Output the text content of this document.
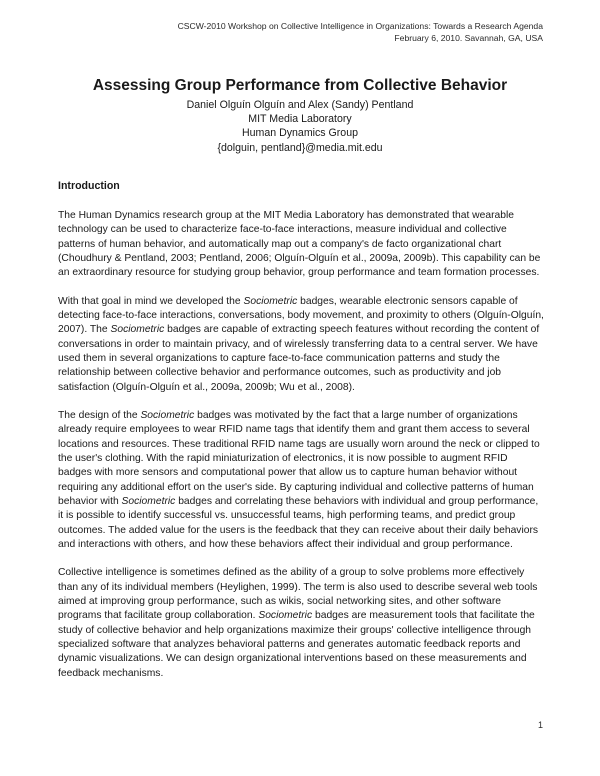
CSCW-2010 Workshop on Collective Intelligence in Organizations: Towards a Research Agenda
February 6, 2010. Savannah, GA, USA
Assessing Group Performance from Collective Behavior
Daniel Olguín Olguín and Alex (Sandy) Pentland
MIT Media Laboratory
Human Dynamics Group
{dolguin, pentland}@media.mit.edu
Introduction
The Human Dynamics research group at the MIT Media Laboratory has demonstrated that wearable technology can be used to characterize face-to-face interactions, measure individual and collective patterns of human behavior, and automatically map out a company's de facto organizational chart (Choudhury & Pentland, 2003; Pentland, 2006; Olguín-Olguín et al., 2009a, 2009b). This capability can be an extraordinary resource for studying group behavior, group performance and team formation processes.
With that goal in mind we developed the Sociometric badges, wearable electronic sensors capable of detecting face-to-face interactions, conversations, body movement, and proximity to others (Olguín-Olguín, 2007). The Sociometric badges are capable of extracting speech features without recording the content of conversations in order to maintain privacy, and of wirelessly transferring data to a central server. We have used them in several organizations to capture face-to-face communication patterns and study the relationship between collective behavior and performance outcomes, such as productivity and job satisfaction (Olguín-Olguín et al., 2009a, 2009b; Wu et al., 2008).
The design of the Sociometric badges was motivated by the fact that a large number of organizations already require employees to wear RFID name tags that identify them and grant them access to several locations and resources. These traditional RFID name tags are usually worn around the neck or clipped to the user's clothing. With the rapid miniaturization of electronics, it is now possible to augment RFID badges with more sensors and computational power that allow us to capture human behavior without requiring any additional effort on the user's side. By capturing individual and collective patterns of human behavior with Sociometric badges and correlating these behaviors with individual and group performance, it is possible to identify successful vs. unsuccessful teams, high performing teams, and predict group outcomes. The added value for the users is the feedback that they can receive about their daily behaviors and interactions with others, and how these behaviors affect their individual and group performance.
Collective intelligence is sometimes defined as the ability of a group to solve problems more effectively than any of its individual members (Heylighen, 1999). The term is also used to describe several web tools aimed at improving group performance, such as wikis, social networking sites, and other software programs that facilitate group collaboration. Sociometric badges are measurement tools that facilitate the study of collective behavior and help organizations maximize their groups' collective intelligence through specialized software that analyzes behavioral patterns and generates automatic feedback reports and dynamic visualizations. We can design organizational interventions based on these measurements and feedback mechanisms.
1
